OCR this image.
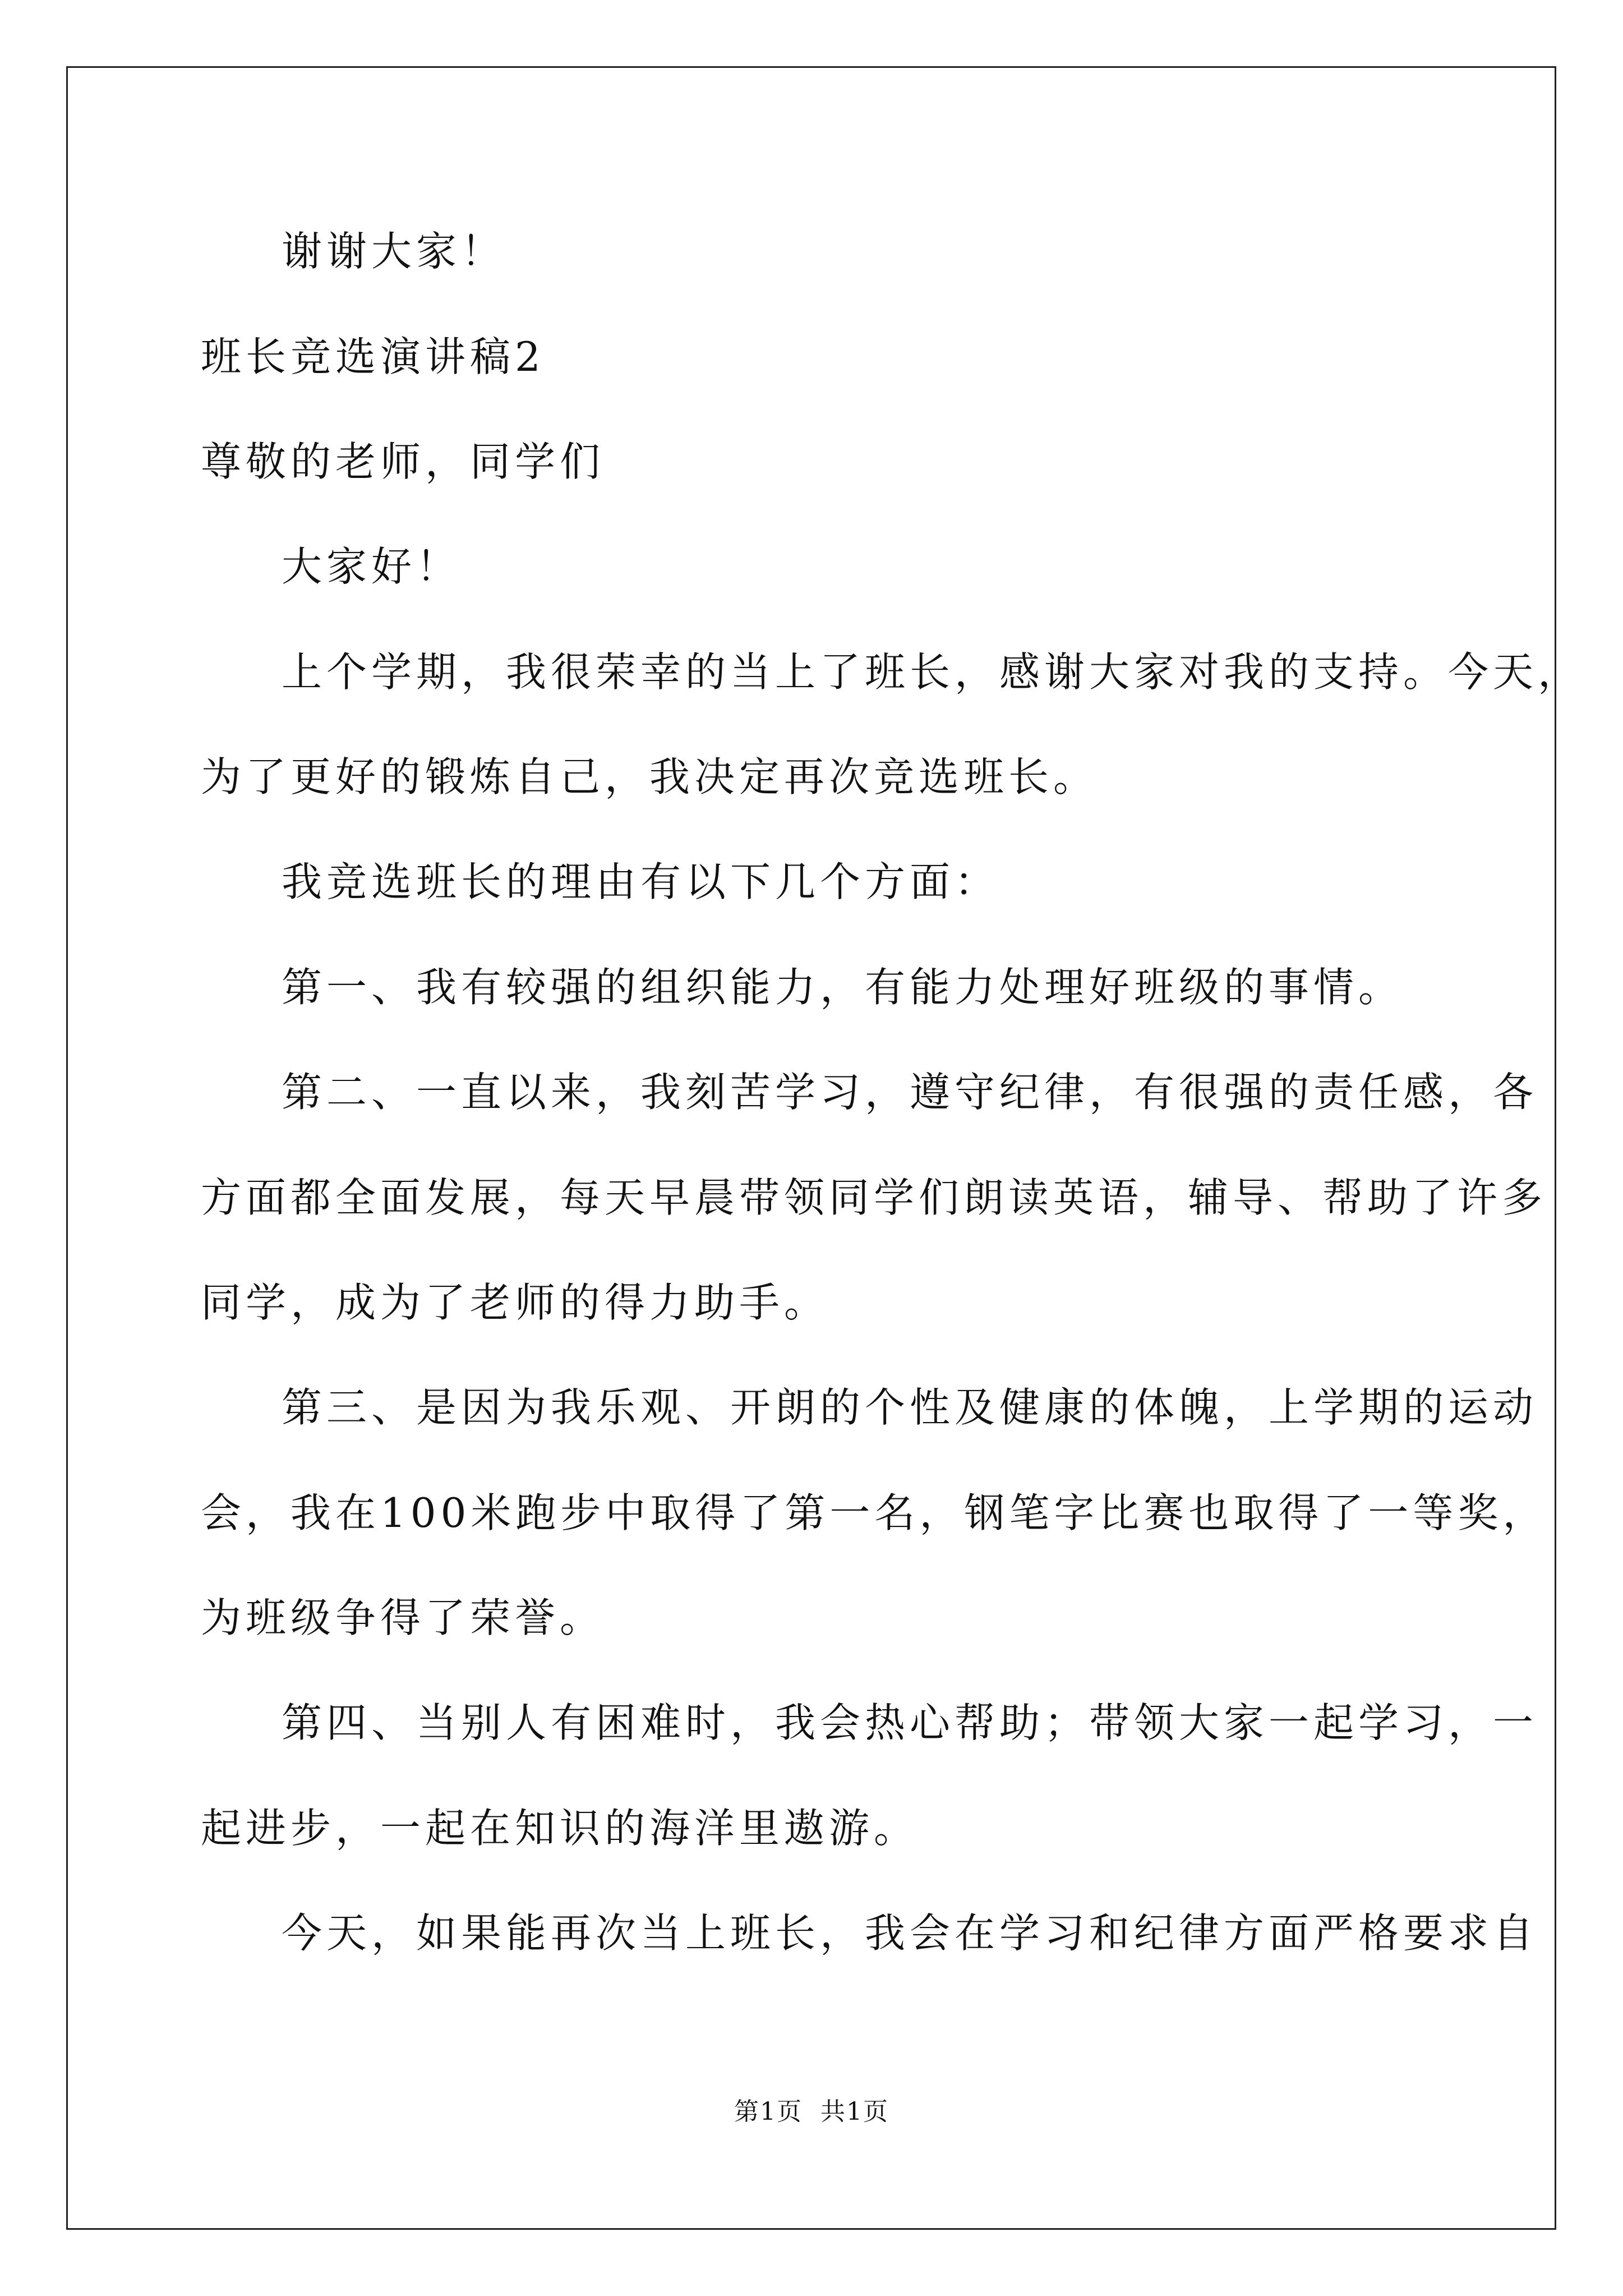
谢谢大家！
班长竞选演讲稿2
尊敬的老师，同学们
大家好！
上个学期，我很荣幸的当上了班长，感谢大家对我的支持。今天，
为了更好的锻炼自己，我决定再次竞选班长。
我竞选班长的理由有以下几个方面：
第一、我有较强的组织能力，有能力处理好班级的事情。
第二、一直以来，我刻苦学习，遵守纪律，有很强的责任感，各
方面都全面发展，每天早晨带领同学们朗读英语，辅导、帮助了许多
同学，成为了老师的得力助手。
第三、是因为我乐观、开朗的个性及健康的体魄，上学期的运动
会，我在100米跑步中取得了第一名，钢笔字比赛也取得了一等奖，
为班级争得了荣誉。
第四、当别人有困难时，我会热心帮助；带领大家一起学习，一
起进步，一起在知识的海洋里遨游。
今天，如果能再次当上班长，我会在学习和纪律方面严格要求自
第1页 共1页
